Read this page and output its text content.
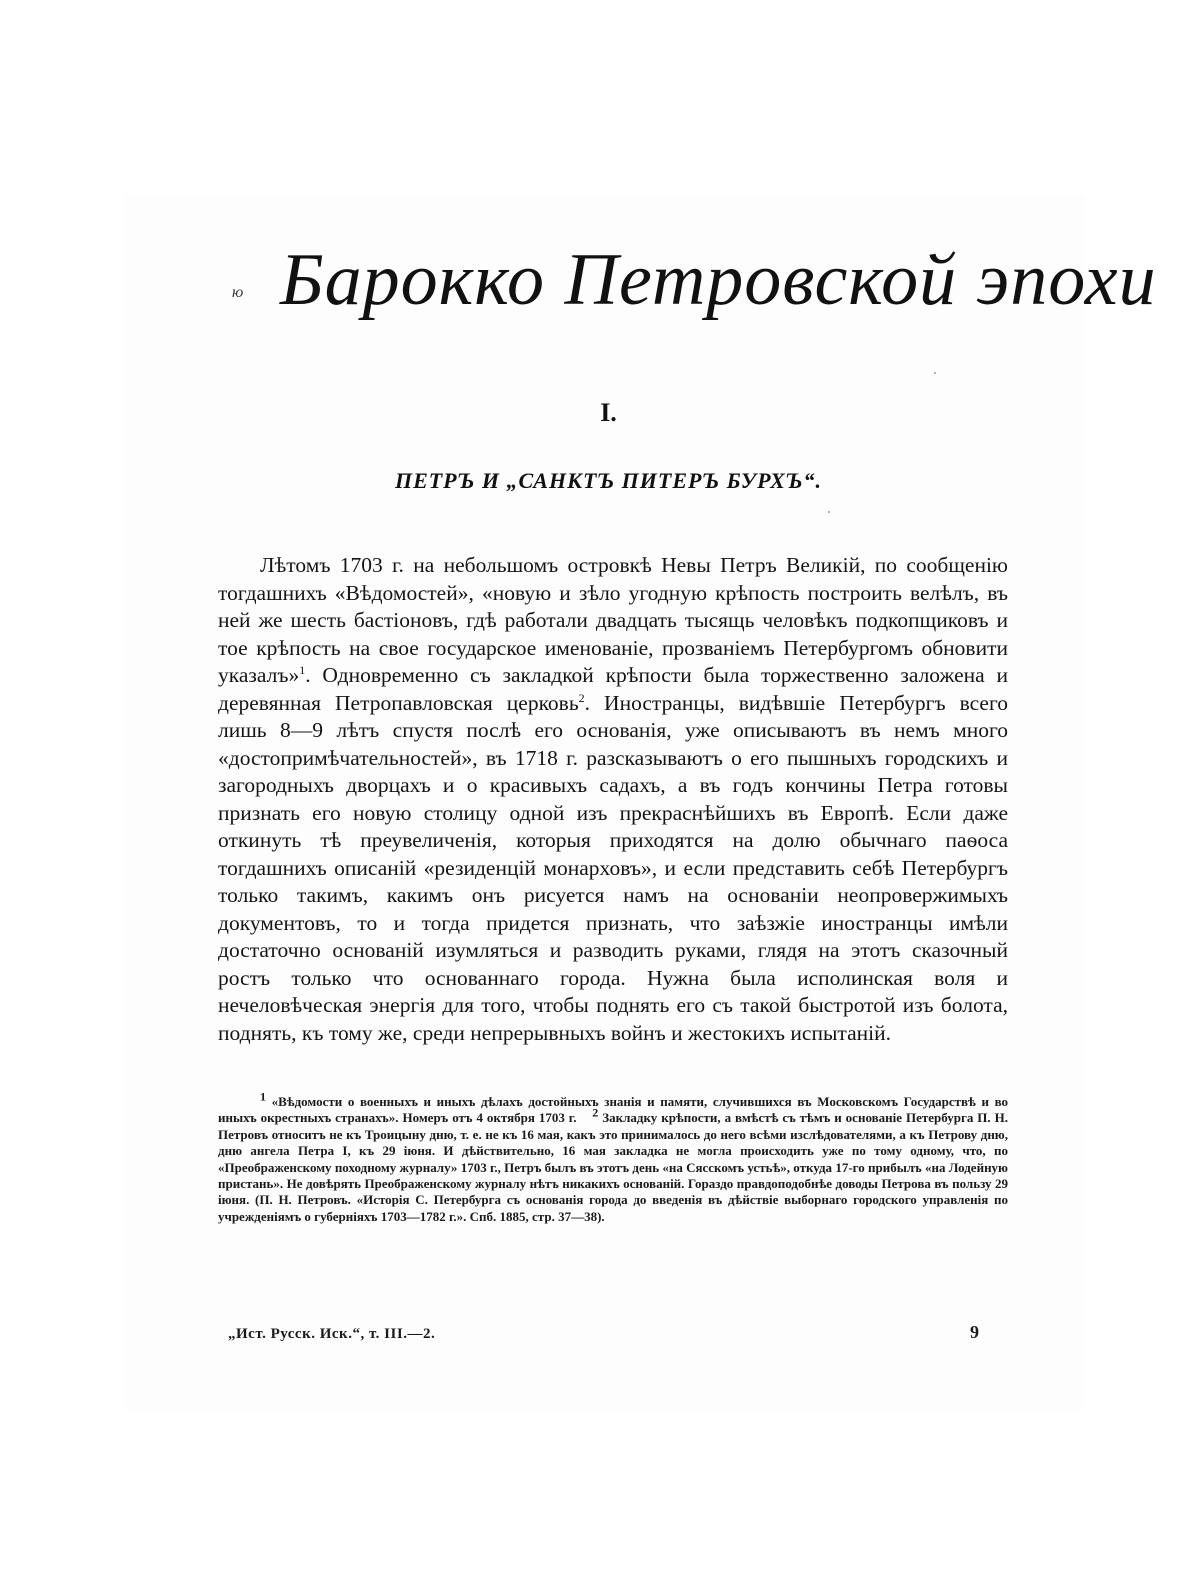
ю Барокко Петровской эпохи
I.
ПЕТРЪ И „САНКТЪ ПИТЕРЪ БУРХЪ“.
Лѣтомъ 1703 г. на небольшомъ островкѣ Невы Петръ Великій, по сообщенію тогдашнихъ «Вѣдомостей», «новую и зѣло угодную крѣпость построить велѣлъ, въ ней же шесть бастіоновъ, гдѣ работали двадцать тысящь человѣкъ подкопщиковъ и тое крѣпость на свое государское именованіе, прозваніемъ Петербургомъ обновити указалъ»$^1$. Одновременно съ закладкой крѣпости была торжественно заложена и деревянная Петропавловская церковь$^2$. Иностранцы, видѣвшіе Петербургъ всего лишь 8—9 лѣтъ спустя послѣ его основанія, уже описываютъ въ немъ много «достопримѣчательностей», въ 1718 г. разсказываютъ о его пышныхъ городскихъ и загородныхъ дворцахъ и о красивыхъ садахъ, а въ годъ кончины Петра готовы признать его новую столицу одной изъ прекраснѣйшихъ въ Европѣ. Если даже откинуть тѣ преувеличенія, которыя приходятся на долю обычнаго паѳоса тогдашнихъ описаній «резиденцій монарховъ», и если представить себѣ Петербургъ только такимъ, какимъ онъ рисуется намъ на основаніи неопровержимыхъ документовъ, то и тогда придется признать, что заѣзжіе иностранцы имѣли достаточно основаній изумляться и разводить руками, глядя на этотъ сказочный ростъ только что основаннаго города. Нужна была исполинская воля и нечеловѣческая энергія для того, чтобы поднять его съ такой быстротой изъ болота, поднять, къ тому же, среди непрерывныхъ войнъ и жестокихъ испытаній.
$^1$ «Вѣдомости о военныхъ и иныхъ дѣлахъ достойныхъ знанія и памяти, случившихся въ Московскомъ Государствѣ и во иныхъ окрестныхъ странахъ». Номеръ отъ 4 октября 1703 г. $^2$ Закладку крѣпости, а вмѣстѣ съ тѣмъ и основаніе Петербурга П. Н. Петровъ относитъ не къ Троицыну дню, т. е. не къ 16 мая, какъ это принималось до него всѣми изслѣдователями, а къ Петрову дню, дню ангела Петра I, къ 29 іюня. И дѣйствительно, 16 мая закладка не могла происходить уже по тому одному, что, по «Преображенскому походному журналу» 1703 г., Петръ былъ въ этотъ день «на Сясскомъ устьѣ», откуда 17-го прибылъ «на Лодейную пристань». Не довѣрять Преображенскому журналу нѣтъ никакихъ основаній. Гораздо правдоподобнѣе доводы Петрова въ пользу 29 іюня. (П. Н. Петровъ. «Исторія С. Петербурга съ основанія города до введенія въ дѣйствіе выборнаго городского управленія по учрежденіямъ о губерніяхъ 1703—1782 г.». Спб. 1885, стр. 37—38).
„Ист. Русск. Иск.“, т. III.—2.	9
